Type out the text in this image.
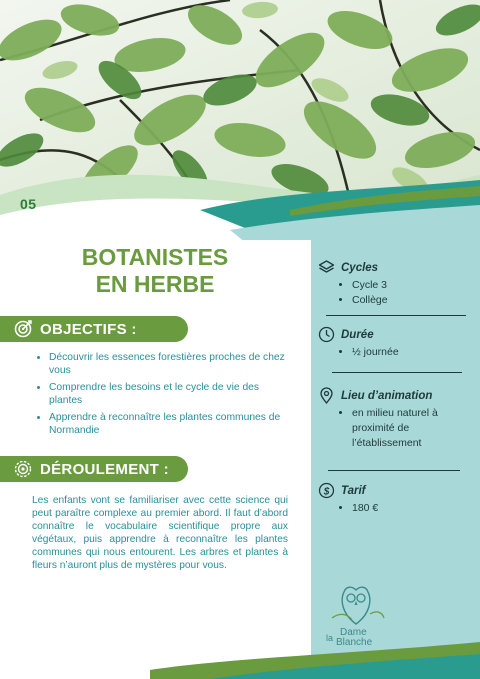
05

BOTANISTES
EN HERBE
OBJECTIFS :
• Découvrir les essences forestières proches de chez vous
• Comprendre les besoins et le cycle de vie des plantes
• Apprendre à reconnaître les plantes communes de Normandie
DÉROULEMENT :

Les enfants vont se familiariser avec cette science qui peut paraître complexe au premier abord. Il faut d’abord connaître le vocabulaire scientifique propre aux végétaux, puis apprendre à reconnaître les plantes communes qui nous entourent. Les arbres et plantes à fleurs n’auront plus de mystères pour vous.

Cycles
• Cycle 3
• Collège
Durée
• ½ journée
Lieu d’animation
• en milieu naturel à proximité de l’établissement
$ Tarif
• 180 €
Dame
la Blanche
